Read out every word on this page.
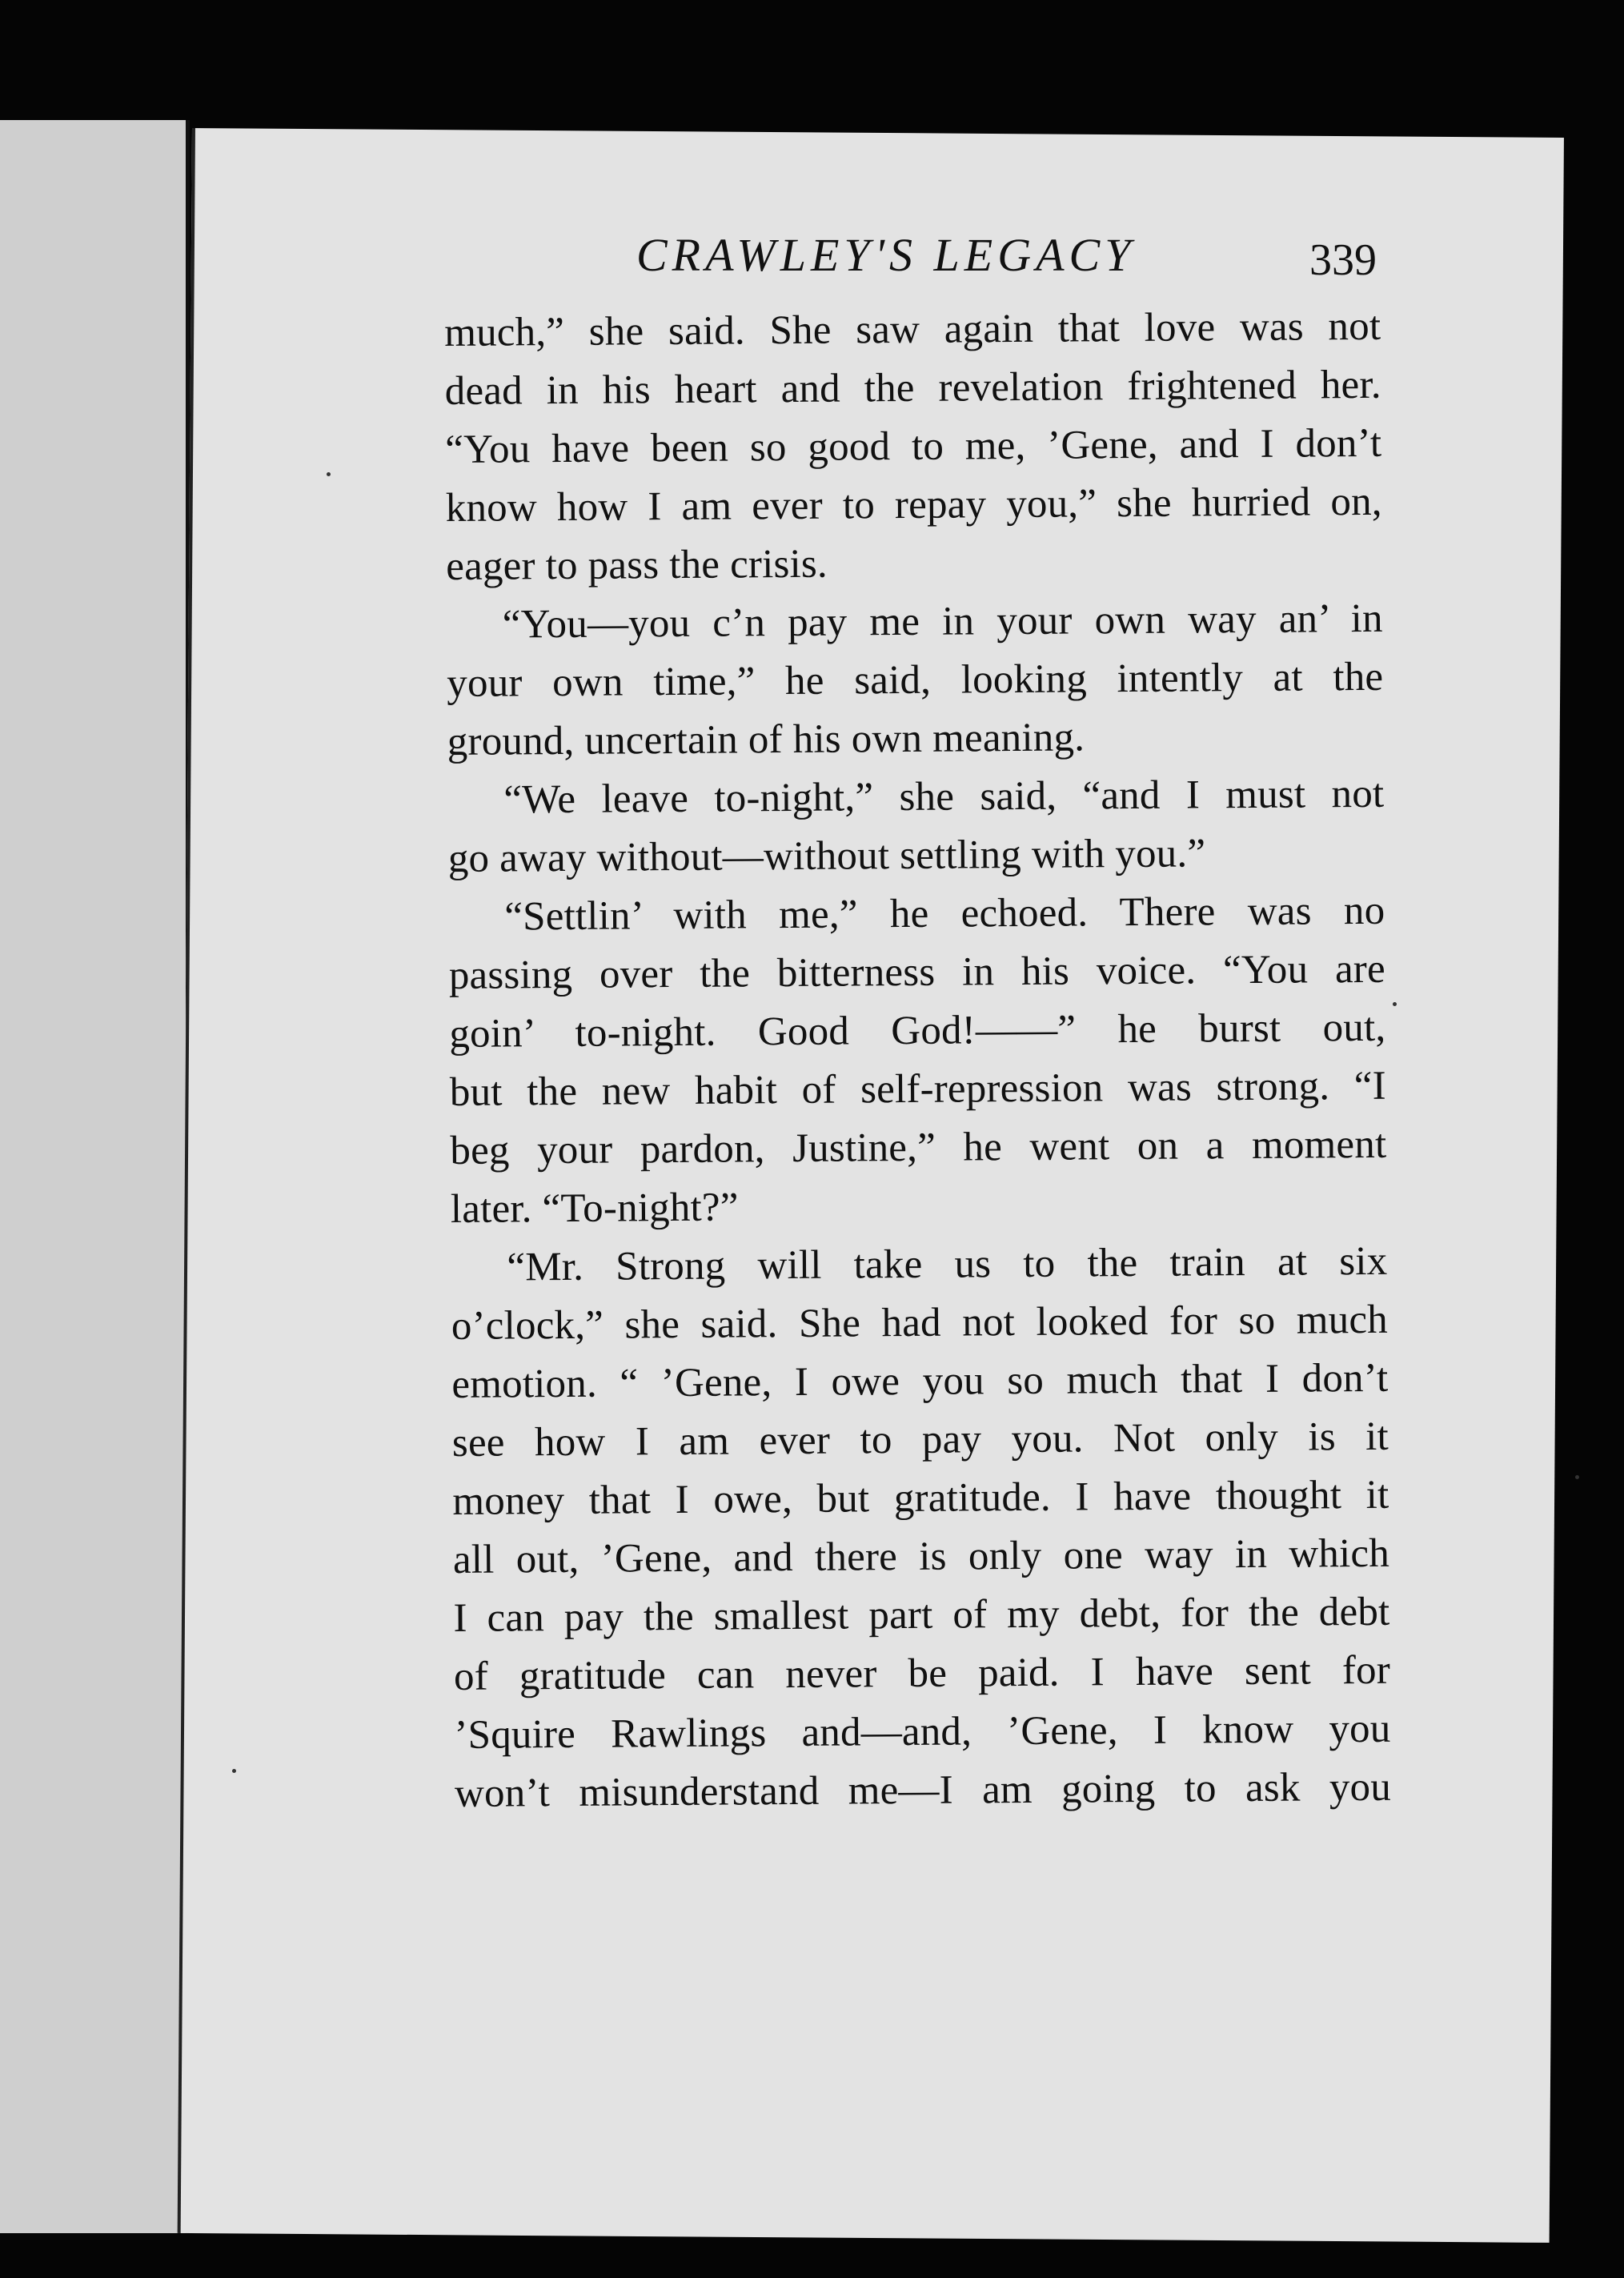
CRAWLEY'S LEGACY	339

much,” she said. She saw again that love was not
dead in his heart and the revelation frightened her.
“You have been so good to me, ’Gene, and I don’t
know how I am ever to repay you,” she hurried on,
eager to pass the crisis.

“You—you c’n pay me in your own way an’ in
your own time,” he said, looking intently at the
ground, uncertain of his own meaning.

“We leave to-night,” she said, “and I must not
go away without—without settling with you.”

“Settlin’ with me,” he echoed. There was no
passing over the bitterness in his voice. “You are
goin’ to-night. Good God!——” he burst out,
but the new habit of self-repression was strong. “I
beg your pardon, Justine,” he went on a moment
later. “To-night?”

“Mr. Strong will take us to the train at six
o’clock,” she said. She had not looked for so much
emotion. “ ’Gene, I owe you so much that I don’t
see how I am ever to pay you. Not only is it
money that I owe, but gratitude. I have thought it
all out, ’Gene, and there is only one way in which
I can pay the smallest part of my debt, for the debt
of gratitude can never be paid. I have sent for
’Squire Rawlings and—and, ’Gene, I know you
won’t misunderstand me—I am going to ask you
